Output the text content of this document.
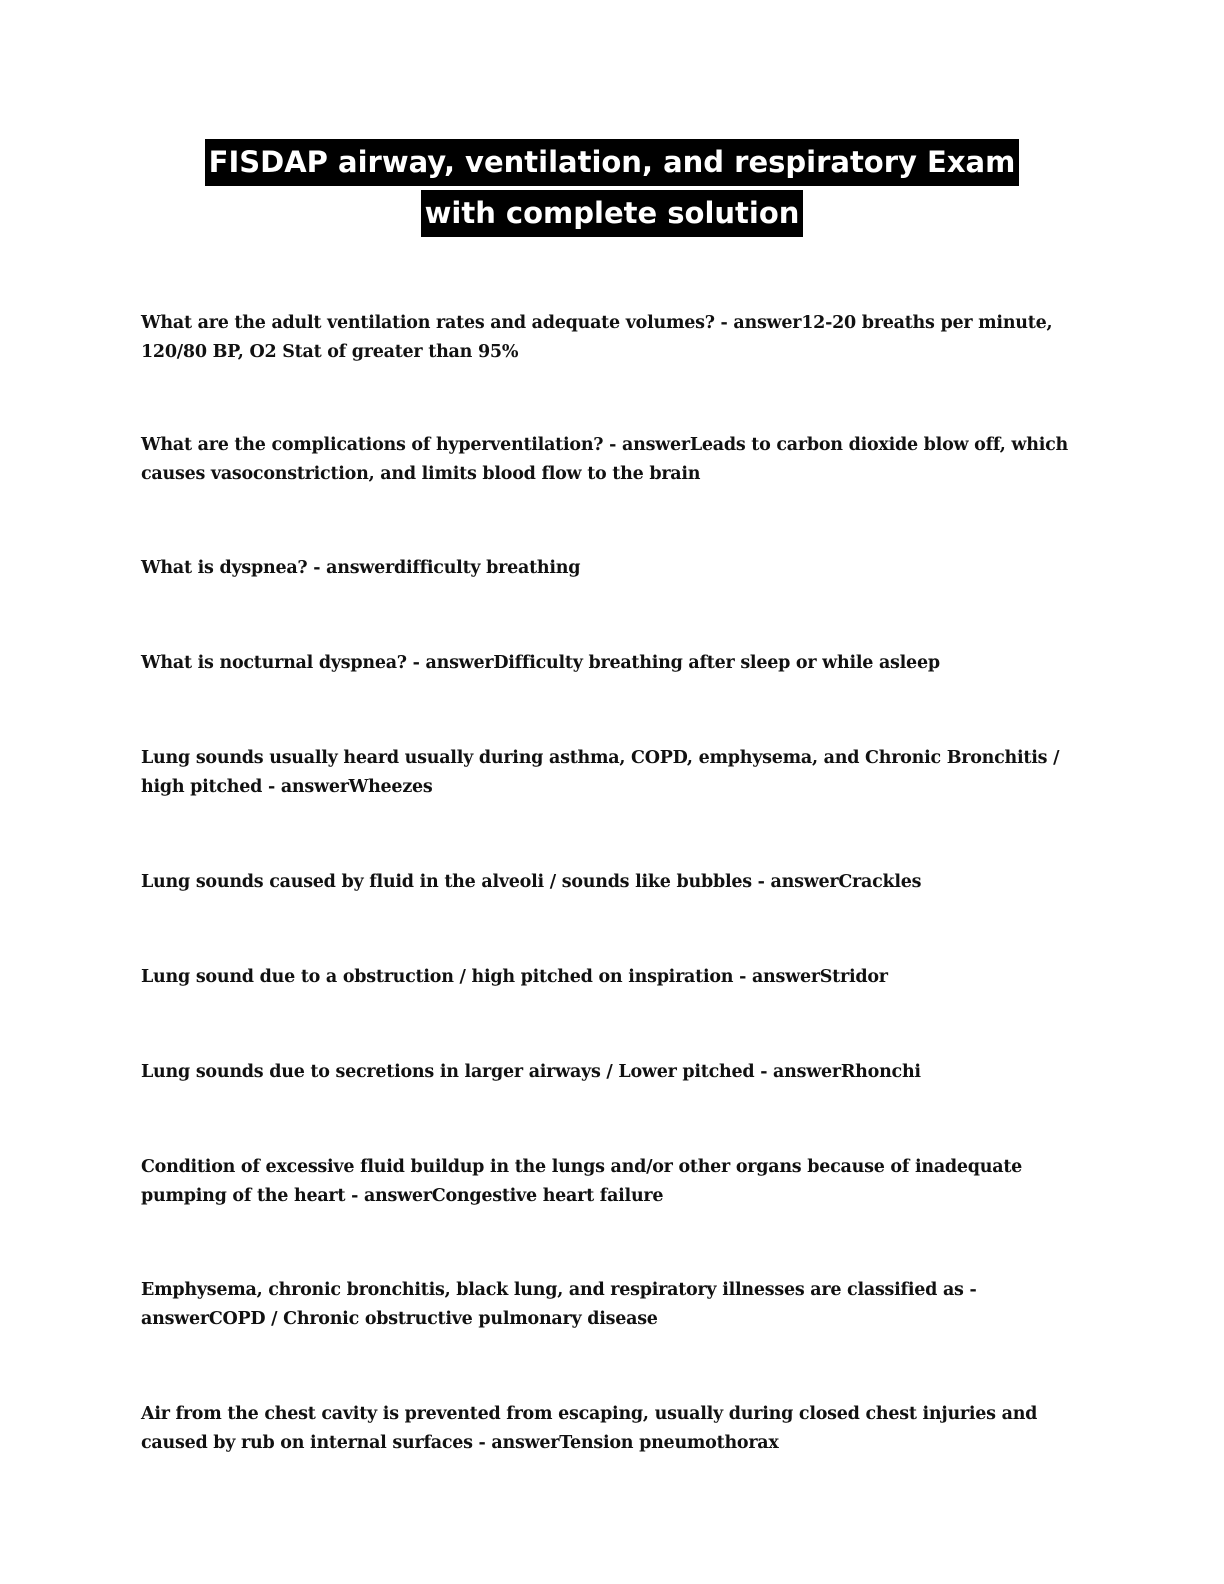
FISDAP airway, ventilation, and respiratory Exam
with complete solution

What are the adult ventilation rates and adequate volumes? - answer12-20 breaths per minute, 120/80 BP, O2 Stat of greater than 95%

What are the complications of hyperventilation? - answerLeads to carbon dioxide blow off, which causes vasoconstriction, and limits blood flow to the brain

What is dyspnea? - answerdifficulty breathing

What is nocturnal dyspnea? - answerDifficulty breathing after sleep or while asleep

Lung sounds usually heard usually during asthma, COPD, emphysema, and Chronic Bronchitis / high pitched - answerWheezes

Lung sounds caused by fluid in the alveoli / sounds like bubbles - answerCrackles

Lung sound due to a obstruction / high pitched on inspiration - answerStridor

Lung sounds due to secretions in larger airways / Lower pitched - answerRhonchi

Condition of excessive fluid buildup in the lungs and/or other organs because of inadequate pumping of the heart - answerCongestive heart failure

Emphysema, chronic bronchitis, black lung, and respiratory illnesses are classified as - answerCOPD / Chronic obstructive pulmonary disease

Air from the chest cavity is prevented from escaping, usually during closed chest injuries and caused by rub on internal surfaces - answerTension pneumothorax
